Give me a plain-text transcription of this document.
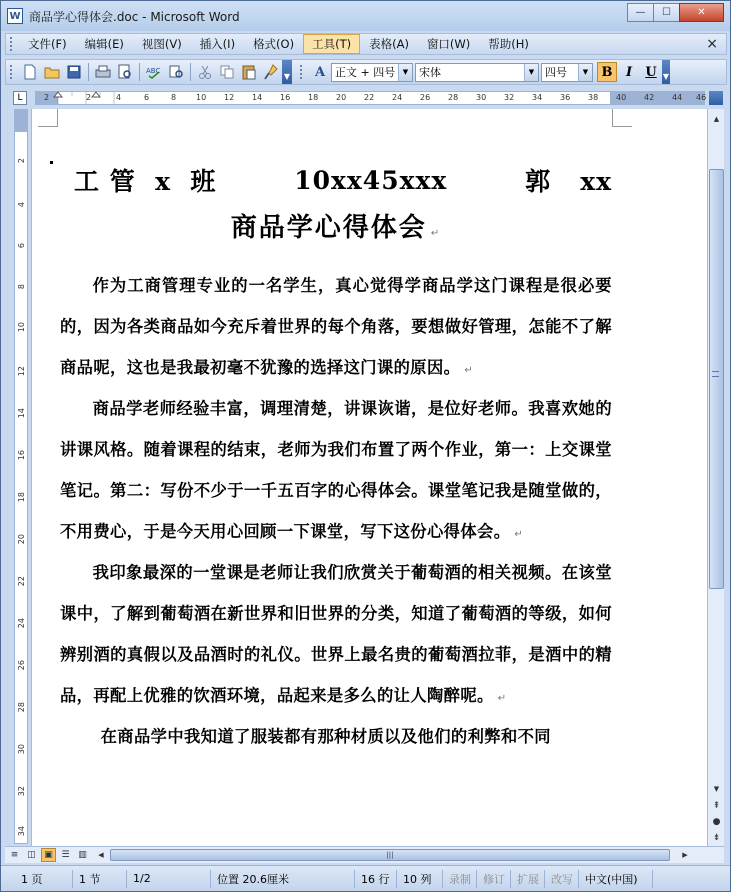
W 商品学心得体会.doc - Microsoft Word	—	☐	✕
文件(F)	编辑(E)	视图(V)	插入(I)	格式(O)	工具(T)	表格(A)	窗口(W)	帮助(H)	×
ABC
▼ A 正文 + 四号	▼ 宋体	▼ 四号	▼	B	I	U ▼
L	2	2	4	6	8 10 12 14 16 18 20 22 24 26 28 30 32 34 36 38 40 42 44 46
2
4
6
8
10
12
14
16
18
20
22
24
26
28
30
32
34
工 管  x  班	10xx45xxx	郭   xx
商品学心得体会 ↵

作为工商管理专业的一名学生，真心觉得学商品学这门课程是很必要的，因为各类商品如今充斥着世界的每个角落，要想做好管理，怎能不了解商品呢，这也是我最初毫不犹豫的选择这门课的原因。 ↵

商品学老师经验丰富，调理清楚，讲课诙谐，是位好老师。我喜欢她的讲课风格。随着课程的结束，老师为我们布置了两个作业，第一：上交课堂笔记。第二：写份不少于一千五百字的心得体会。课堂笔记我是随堂做的，不用费心，于是今天用心回顾一下课堂，写下这份心得体会。 ↵

我印象最深的一堂课是老师让我们欣赏关于葡萄酒的相关视频。在该堂课中，了解到葡萄酒在新世界和旧世界的分类，知道了葡萄酒的等级，如何辨别酒的真假以及品酒时的礼仪。世界上最名贵的葡萄酒拉菲，是酒中的精品，再配上优雅的饮酒环境，品起来是多么的让人陶醉呢。 ↵

在商品学中我知道了服装都有那种材质以及他们的利弊和不同

▲
▼
⇞
●
⇟
≡ ◫ ▣ ☰ ▥	◀	|||	▶
1 页	1 节	1/2	位置 20.6厘米	16 行	10 列	录制	修订	扩展	改写	中文(中国)
